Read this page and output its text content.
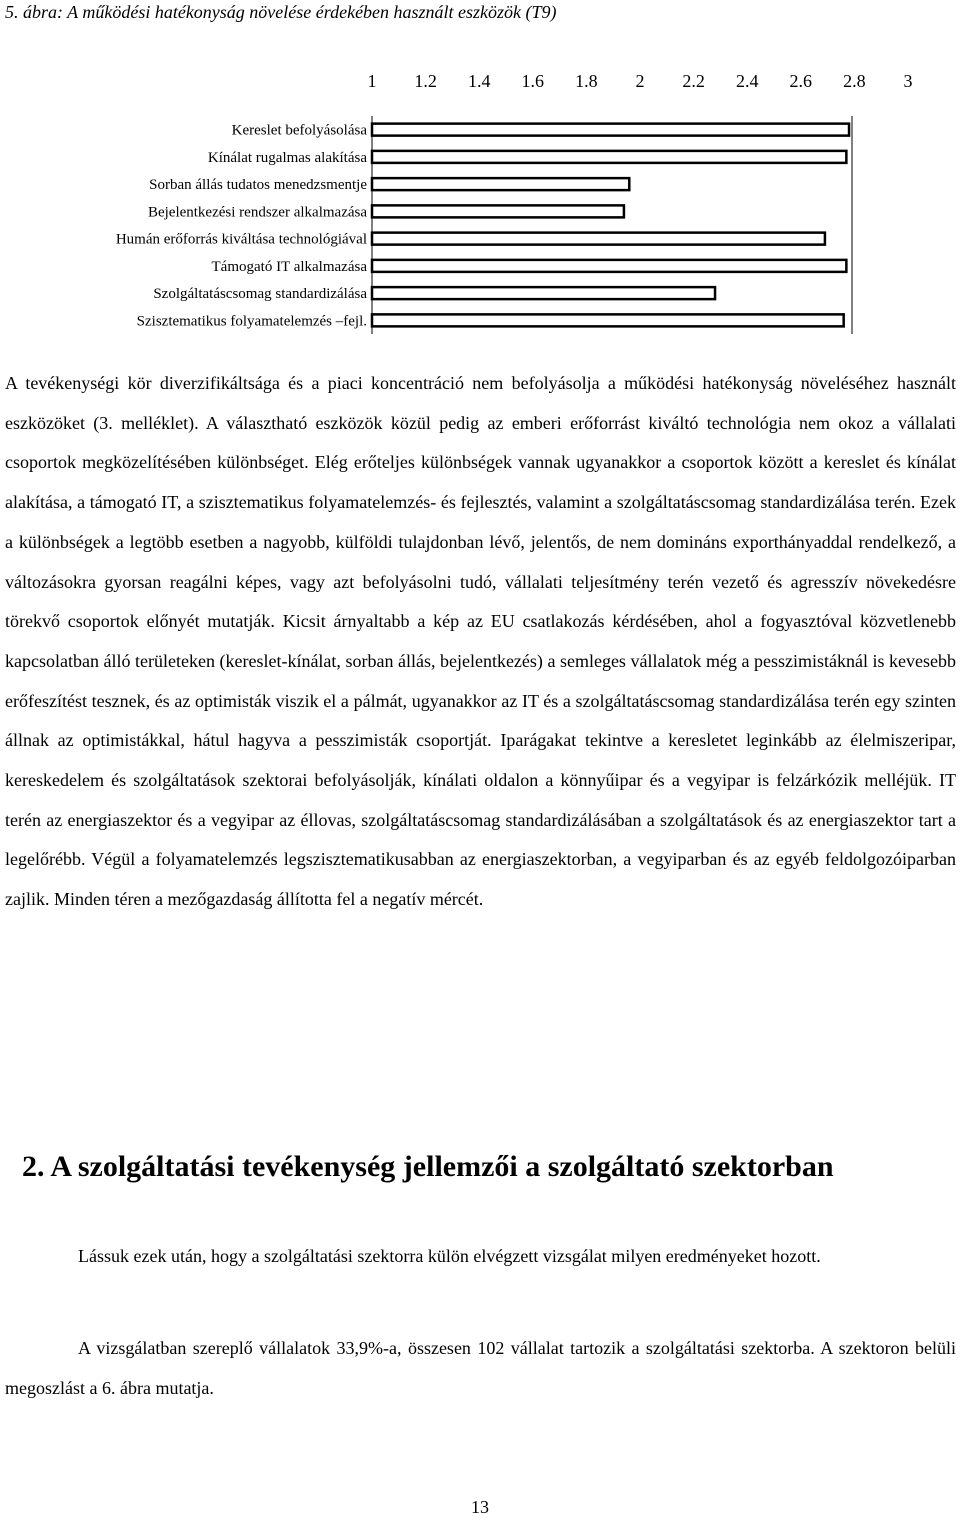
5. ábra: A működési hatékonyság növelése érdekében használt eszközök (T9)
1 1.2 1.4 1.6 1.8 2 2.2 2.4 2.6 2.8 3
Kereslet befolyásolása
Kínálat rugalmas alakítása
Sorban állás tudatos menedzsmentje
Bejelentkezési rendszer alkalmazása
Humán erőforrás kiváltása technológiával
Támogató IT alkalmazása
Szolgáltatáscsomag standardizálása
Szisztematikus folyamatelemzés –fejl.

A tevékenységi kör diverzifikáltsága és a piaci koncentráció nem befolyásolja a működési hatékonyság növeléséhez használt eszközöket (3. melléklet). A választható eszközök közül pedig az emberi erőforrást kiváltó technológia nem okoz a vállalati csoportok megközelítésében különbséget. Elég erőteljes különbségek vannak ugyanakkor a csoportok között a kereslet és kínálat alakítása, a támogató IT, a szisztematikus folyamatelemzés- és fejlesztés, valamint a szolgáltatáscsomag standardizálása terén. Ezek a különbségek a legtöbb esetben a nagyobb, külföldi tulajdonban lévő, jelentős, de nem domináns exporthányaddal rendelkező, a változásokra gyorsan reagálni képes, vagy azt befolyásolni tudó, vállalati teljesítmény terén vezető és agresszív növekedésre törekvő csoportok előnyét mutatják. Kicsit árnyaltabb a kép az EU csatlakozás kérdésében, ahol a fogyasztóval közvetlenebb kapcsolatban álló területeken (kereslet-kínálat, sorban állás, bejelentkezés) a semleges vállalatok még a pesszimistáknál is kevesebb erőfeszítést tesznek, és az optimisták viszik el a pálmát, ugyanakkor az IT és a szolgáltatáscsomag standardizálása terén egy szinten állnak az optimistákkal, hátul hagyva a pesszimisták csoportját. Iparágakat tekintve a keresletet leginkább az élelmiszeripar, kereskedelem és szolgáltatások szektorai befolyásolják, kínálati oldalon a könnyűipar és a vegyipar is felzárkózik melléjük. IT terén az energiaszektor és a vegyipar az éllovas, szolgáltatáscsomag standardizálásában a szolgáltatások és az energiaszektor tart a legelőrébb. Végül a folyamatelemzés legszisztematikusabban az energiaszektorban, a vegyiparban és az egyéb feldolgozóiparban zajlik. Minden téren a mezőgazdaság állította fel a negatív mércét.

2. A szolgáltatási tevékenység jellemzői a szolgáltató szektorban

Lássuk ezek után, hogy a szolgáltatási szektorra külön elvégzett vizsgálat milyen eredményeket hozott.

A vizsgálatban szereplő vállalatok 33,9%-a, összesen 102 vállalat tartozik a szolgáltatási szektorba. A szektoron belüli megoszlást a 6. ábra mutatja.

13
